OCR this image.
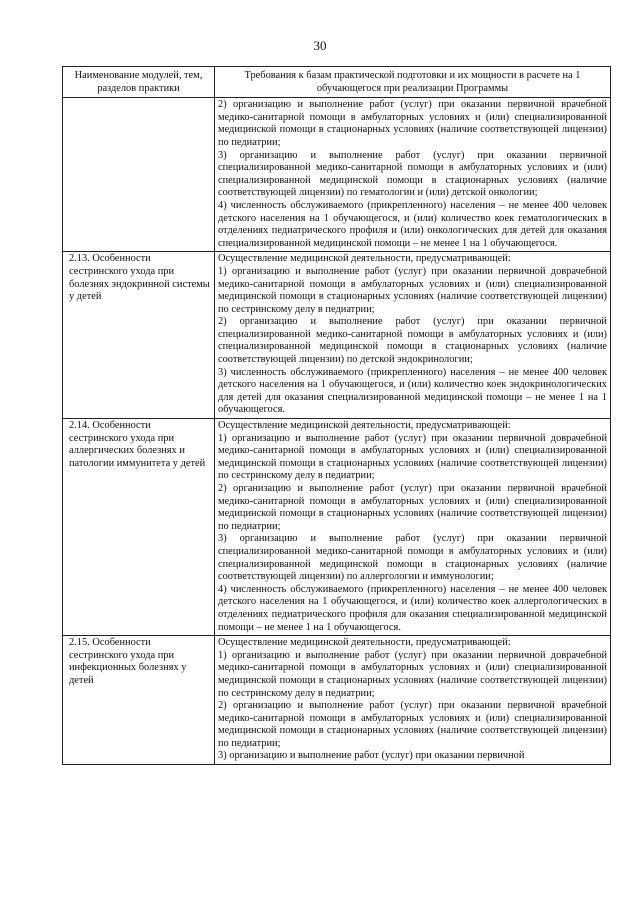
30
Наименование модулей, тем, разделов практики	Требования к базам практической подготовки и их мощности в расчете на 1 обучающегося при реализации Программы

	2) организацию и выполнение работ (услуг) при оказании первичной врачебной медико-санитарной помощи в амбулаторных условиях и (или) специализированной медицинской помощи в стационарных условиях (наличие соответствующей лицензии) по педиатрии;

3) организацию и выполнение работ (услуг) при оказании первичной специализированной медико-санитарной помощи в амбулаторных условиях и (или) специализированной медицинской помощи в стационарных условиях (наличие соответствующей лицензии) по гематологии и (или) детской онкологии;

4) численность обслуживаемого (прикрепленного) населения – не менее 400 человек детского населения на 1 обучающегося, и (или) количество коек гематологических в отделениях педиатрического профиля и (или) онкологических для детей для оказания специализированной медицинской помощи – не менее 1 на 1 обучающегося.

2.13. Особенности сестринского ухода при болезнях эндокринной системы у детей	Осуществление медицинской деятельности, предусматривающей:

1) организацию и выполнение работ (услуг) при оказании первичной доврачебной медико-санитарной помощи в амбулаторных условиях и (или) специализированной медицинской помощи в стационарных условиях (наличие соответствующей лицензии) по сестринскому делу в педиатрии;

2) организацию и выполнение работ (услуг) при оказании первичной специализированной медико-санитарной помощи в амбулаторных условиях и (или) специализированной медицинской помощи в стационарных условиях (наличие соответствующей лицензии) по детской эндокринологии;

3) численность обслуживаемого (прикрепленного) населения – не менее 400 человек детского населения на 1 обучающегося, и (или) количество коек эндокринологических для детей для оказания специализированной медицинской помощи – не менее 1 на 1 обучающегося.

2.14. Особенности сестринского ухода при аллергических болезнях и патологии иммунитета у детей	Осуществление медицинской деятельности, предусматривающей:

1) организацию и выполнение работ (услуг) при оказании первичной доврачебной медико-санитарной помощи в амбулаторных условиях и (или) специализированной медицинской помощи в стационарных условиях (наличие соответствующей лицензии) по сестринскому делу в педиатрии;

2) организацию и выполнение работ (услуг) при оказании первичной врачебной медико-санитарной помощи в амбулаторных условиях и (или) специализированной медицинской помощи в стационарных условиях (наличие соответствующей лицензии) по педиатрии;

3) организацию и выполнение работ (услуг) при оказании первичной специализированной медико-санитарной помощи в амбулаторных условиях и (или) специализированной медицинской помощи в стационарных условиях (наличие соответствующей лицензии) по аллергологии и иммунологии;

4) численность обслуживаемого (прикрепленного) населения – не менее 400 человек детского населения на 1 обучающегося, и (или) количество коек аллергологических в отделениях педиатрического профиля для оказания специализированной медицинской помощи – не менее 1 на 1 обучающегося.

2.15. Особенности сестринского ухода при инфекционных болезнях у детей	Осуществление медицинской деятельности, предусматривающей:

1) организацию и выполнение работ (услуг) при оказании первичной доврачебной медико-санитарной помощи в амбулаторных условиях и (или) специализированной медицинской помощи в стационарных условиях (наличие соответствующей лицензии) по сестринскому делу в педиатрии;

2) организацию и выполнение работ (услуг) при оказании первичной врачебной медико-санитарной помощи в амбулаторных условиях и (или) специализированной медицинской помощи в стационарных условиях (наличие соответствующей лицензии) по педиатрии;

3) организацию и выполнение работ (услуг) при оказании первичной
